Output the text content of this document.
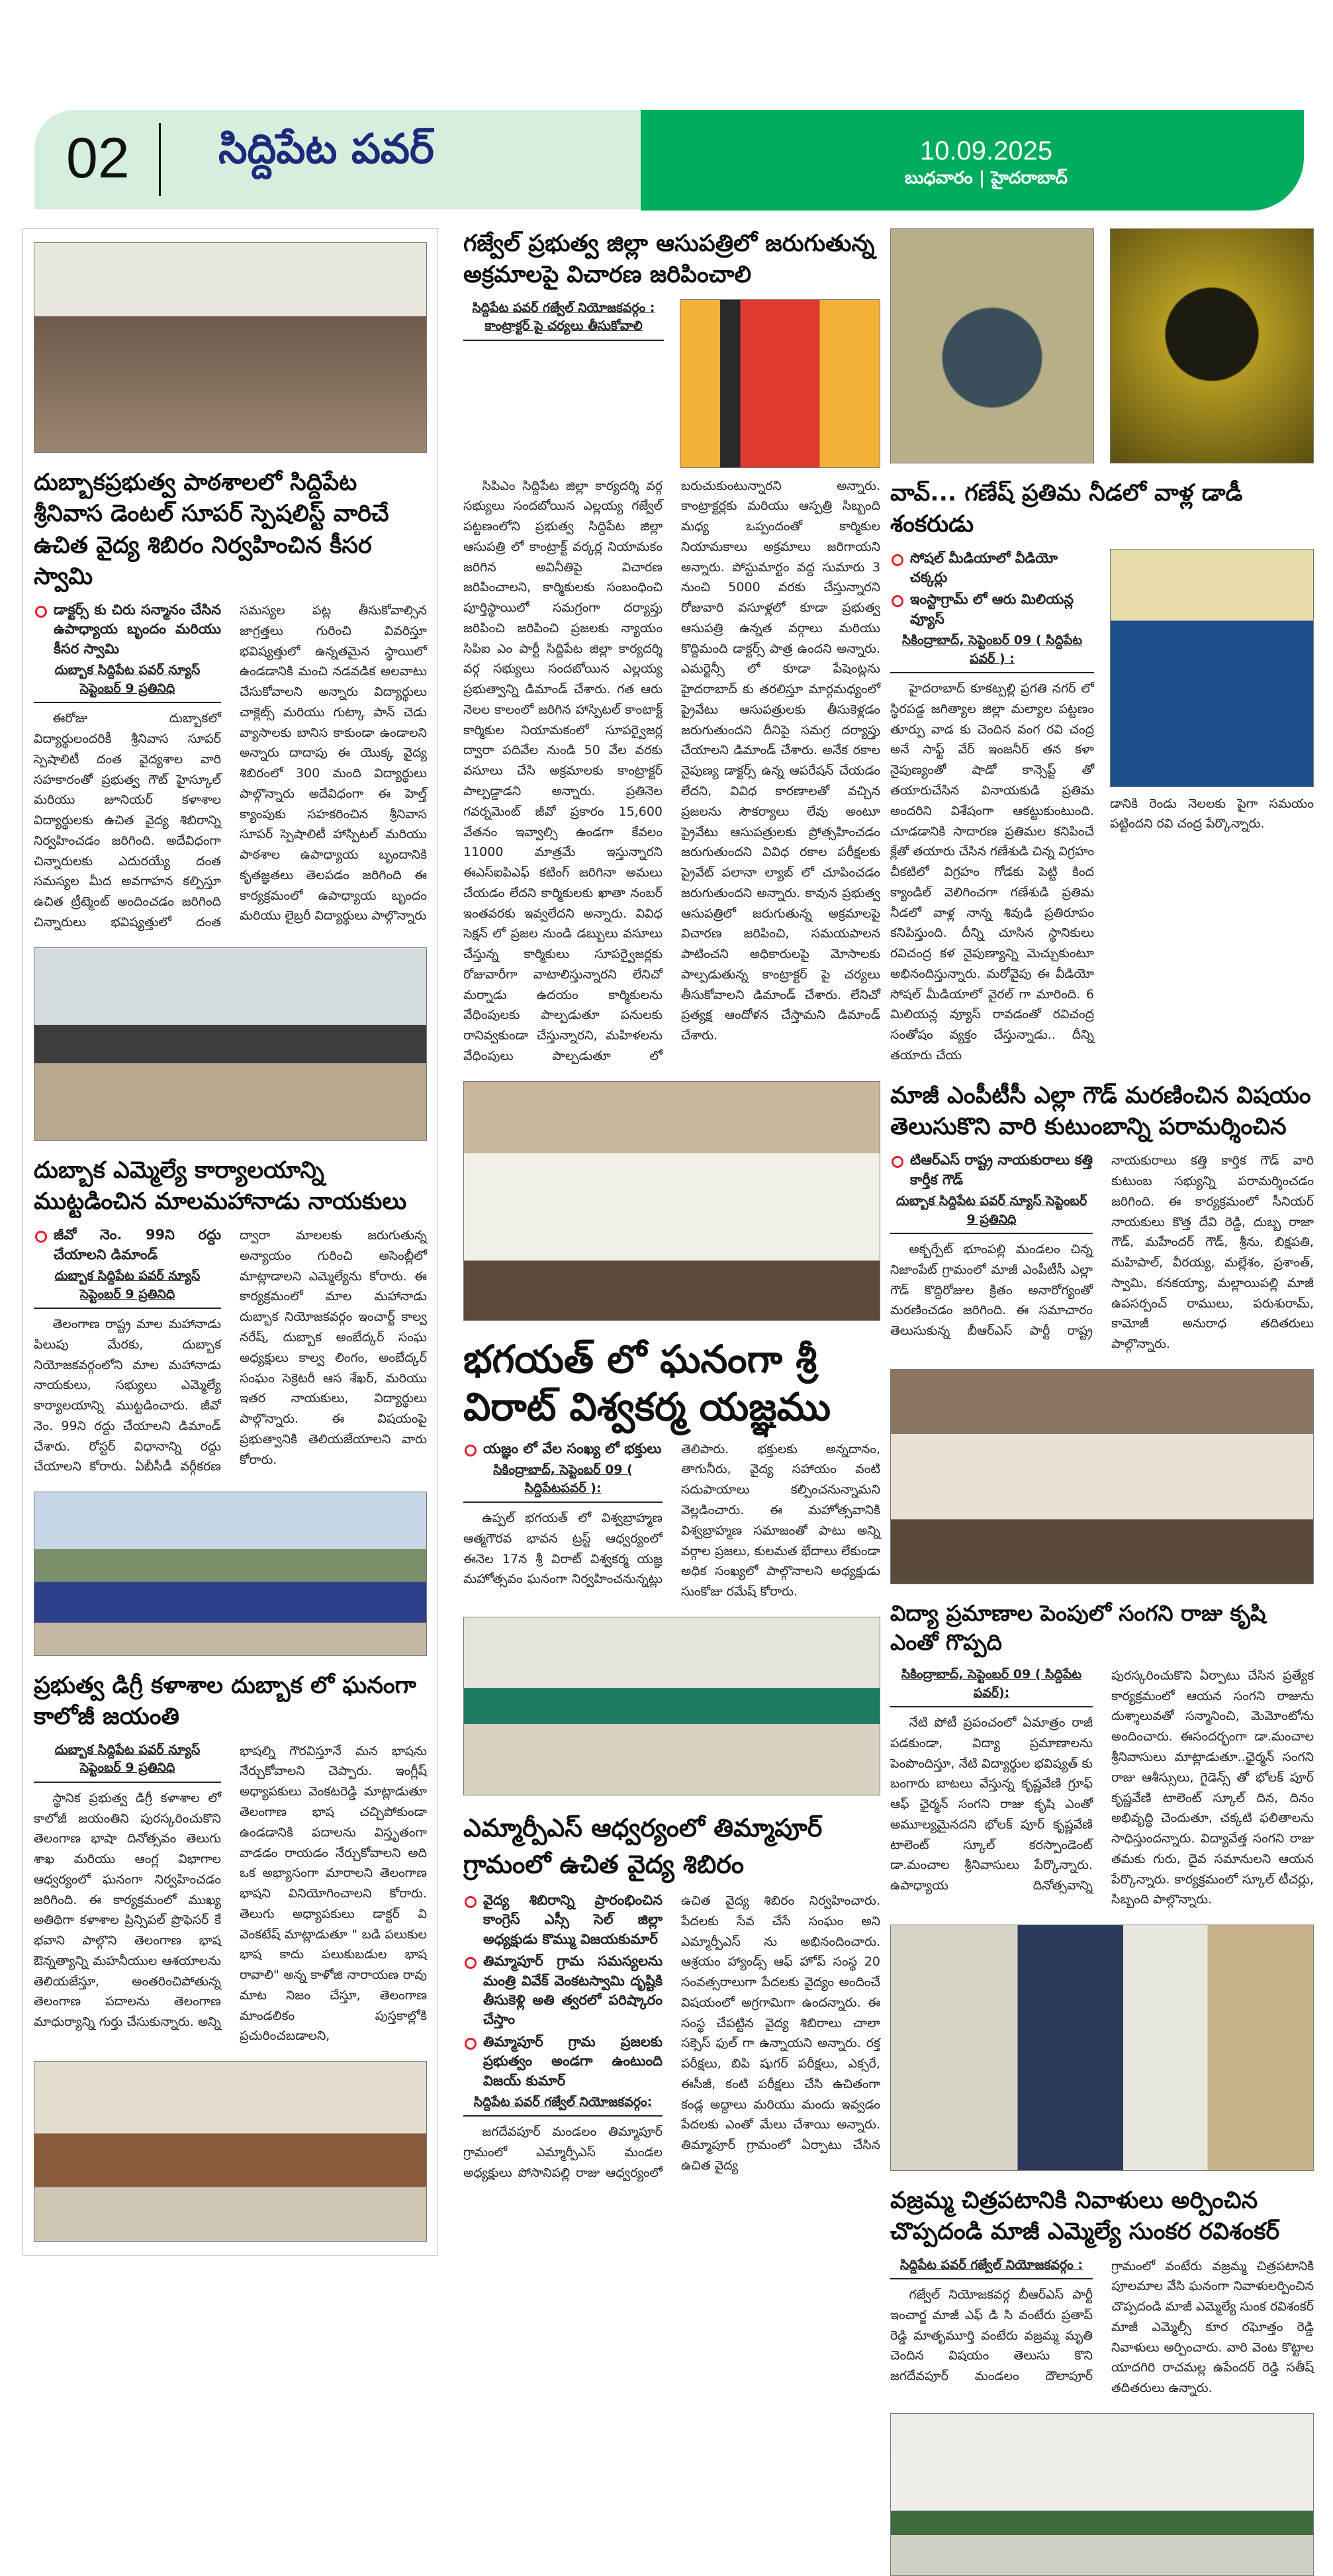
02 సిద్దిపేట పవర్	10.09.2025
బుధవారం | హైదరాబాద్
దుబ్బాకప్రభుత్వ పాఠశాలలో సిద్దిపేట శ్రీనివాస డెంటల్ సూపర్ స్పెషలిస్ట్ వారిచే ఉచిత వైద్య శిబిరం నిర్వహించిన కీసర స్వామి
డాక్టర్స్ కు చిరు సన్మానం చేసిన ఉపాధ్యాయ బృందం మరియు కీసర స్వామి
దుబ్బాక సిద్దిపేట పవర్ న్యూస్ సెప్టెంబర్ 9 ప్రతినిధి

ఈరోజు దుబ్బాకలో విద్యార్థులందరికీ శ్రీనివాస సూపర్ స్పెషాలిటీ దంత వైద్యశాల వారి సహకారంతో ప్రభుత్వ గౌట్ హైస్కూల్ మరియు జూనియర్ కళాశాల విద్యార్థులకు ఉచిత వైద్య శిబిరాన్ని నిర్వహించడం జరిగింది. అదేవిధంగా చిన్నారులకు ఎదురయ్యే దంత సమస్యల మీద అవగాహన కల్పిస్తూ ఉచిత ట్రీట్మెంట్ అందించడం జరిగింది చిన్నారులు భవిష్యత్తులో దంత సమస్యల పట్ల తీసుకోవాల్సిన జాగ్రత్తలు గురించి వివరిస్తూ భవిష్యత్తులో ఉన్నతమైన స్థాయిలో ఉండడానికి మంచి నడవడిక అలవాటు చేసుకోవాలని అన్నారు విద్యార్థులు చాక్లెట్స్ మరియు గుట్కా పాన్ చెడు వ్యాసాలకు బానిస కాకుండా ఉండాలని అన్నారు దాదాపు ఈ యొక్క వైద్య శిబిరంలో 300 మంది విద్యార్థులు పాల్గొన్నారు అదేవిధంగా ఈ హెల్త్ క్యాంపుకు సహకరించిన శ్రీనివాస సూపర్ స్పెషాలిటీ హాస్పిటల్ మరియు పాఠశాల ఉపాధ్యాయ బృందానికి కృతజ్ఞతలు తెలపడం జరిగింది ఈ కార్యక్రమంలో ఉపాధ్యాయ బృందం మరియు లైబ్రరీ విద్యార్థులు పాల్గొన్నారు

దుబ్బాక ఎమ్మెల్యే కార్యాలయాన్ని ముట్టడించిన మాలమహానాడు నాయకులు
జీవో నెం. 99ని రద్దు చేయాలని డిమాండ్
దుబ్బాక సిద్దిపేట పవర్ న్యూస్ సెప్టెంబర్ 9 ప్రతినిధి

తెలంగాణ రాష్ట్ర మాల మహానాడు పిలుపు మేరకు, దుబ్బాక నియోజకవర్గంలోని మాల మహానాడు నాయకులు, సభ్యులు ఎమ్మెల్యే కార్యాలయాన్ని ముట్టడించారు. జీవో నెం. 99ని రద్దు చేయాలని డిమాండ్ చేశారు. రోస్టర్ విధానాన్ని రద్దు చేయాలని కోరారు. ఏబీసీడీ వర్గీకరణ ద్వారా మాలలకు జరుగుతున్న అన్యాయం గురించి అసెంబ్లీలో మాట్లాడాలని ఎమ్మెల్యేను కోరారు. ఈ కార్యక్రమంలో మాల మహానాడు దుబ్బాక నియోజకవర్గం ఇంచార్జ్ కాల్వ నరేష్, దుబ్బాక అంబేద్కర్ సంఘ అధ్యక్షులు కాల్వ లింగం, అంబేద్కర్ సంఘం సెక్రెటరీ ఆస శేఖర్, మరియు ఇతర నాయకులు, విద్యార్థులు పాల్గొన్నారు. ఈ విషయంపై ప్రభుత్వానికి తెలియజేయాలని వారు కోరారు.

ప్రభుత్వ డిగ్రీ కళాశాల దుబ్బాక లో ఘనంగా కాలోజీ జయంతి
దుబ్బాక సిద్దిపేట పవర్ న్యూస్ సెప్టెంబర్ 9 ప్రతినిధి

స్థానిక ప్రభుత్వ డిగ్రీ కళాశాల లో కాలోజీ జయంతిని పురస్కరించుకొని తెలంగాణ భాషా దినోత్సవం తెలుగు శాఖ మరియు ఆంగ్ల విభాగాల ఆధ్వర్యంలో ఘనంగా నిర్వహించడం జరిగింది. ఈ కార్యక్రమంలో ముఖ్య అతిథిగా కళాశాల ప్రిన్సిపల్ ప్రొఫెసర్ కే భవాని పాల్గొని తెలంగాణ భాష ఔన్నత్యాన్ని మహనీయుల ఆశయాలను తెలియజేస్తూ, అంతరించిపోతున్న తెలంగాణ పదాలను తెలంగాణ మాధుర్యాన్ని గుర్తు చేసుకున్నారు. అన్ని భాషల్ని గౌరవిస్తూనే మన భాషను నేర్చుకోవాలని చెప్పారు. ఇంగ్లీష్ అధ్యాపకులు వెంకటరెడ్డి మాట్లాడుతూ తెలంగాణ భాష చచ్చిపోకుండా ఉండడానికి పదాలను విస్తృతంగా వాడడం రాయడం నేర్చుకోవాలని అది ఒక అభ్యాసంగా మారాలని తెలంగాణ భాషని వినియోగించాలని కోరారు. తెలుగు అధ్యాపకులు డాక్టర్ వి వెంకటేష్ మాట్లాడుతూ " బడి పలుకుల భాష కాదు పలుకుబడుల భాష రావాలి" అన్న కాళోజి నారాయణ రావు మాట నిజం చేస్తూ, తెలంగాణ మాండలికం పుస్తకాల్లోకి ప్రచురించబడాలని,

గజ్వేల్ ప్రభుత్వ జిల్లా ఆసుపత్రిలో జరుగుతున్న అక్రమాలపై విచారణ జరిపించాలి
సిద్దిపేట పవర్ గజ్వేల్ నియోజకవర్గం : కాంట్రాక్టర్ పై చర్యలు తీసుకోవాలి

సిపిఎం సిద్దిపేట జిల్లా కార్యదర్శి వర్గ సభ్యులు సందబోయిన ఎల్లయ్య గజ్వేల్ పట్టణంలోని ప్రభుత్వ సిద్దిపేట జిల్లా ఆసుపత్రి లో కాంట్రాక్ట్ వర్కర్ల నియామకం జరిగిన అవినీతిపై విచారణ జరిపించాలని, కార్మికులకు సంబంధించి పూర్తిస్థాయిలో సమగ్రంగా దర్యాప్తు జరిపించి జరిపించి ప్రజలకు న్యాయం సిపిఐ ఎం పార్టీ సిద్దిపేట జిల్లా కార్యదర్శి వర్గ సభ్యులు సందబోయిన ఎల్లయ్య ప్రభుత్వాన్ని డిమాండ్ చేశారు. గత ఆరు నెలల కాలంలో జరిగిన హాస్పిటల్ కాంటాక్ట్ కార్మికుల నియామకంలో సూపర్వైజర్ల ద్వారా పదివేల నుండి 50 వేల వరకు వసూలు చేసి అక్రమాలకు కాంట్రాక్టర్ పాల్పడ్డాడని అన్నారు. ప్రతినెల గవర్నమెంట్ జీవో ప్రకారం 15,600 వేతనం ఇవ్వాల్సి ఉండగా కేవలం 11000 మాత్రమే ఇస్తున్నారని ఈఎస్ఐపిఎఫ్ కటింగ్ జరిగినా అమలు చేయడం లేదని కార్మికులకు ఖాతా నంబర్ ఇంతవరకు ఇవ్వలేదని అన్నారు. వివిధ సెక్షన్ లో ప్రజల నుండి డబ్బులు వసూలు చేస్తున్న కార్మికులు సూపర్వైజర్లకు రోజువారీగా వాటాలిస్తున్నారని లేనిచో మర్నాడు ఉదయం కార్మికులను వేధింపులకు పాల్పడుతూ పనులకు రానివ్వకుండా చేస్తున్నారని, మహిళలను వేధింపులు పాల్పడుతూ లో బరుచుకుంటున్నారని అన్నారు. కాంట్రాక్టర్లకు మరియు ఆస్పత్రి సిబ్బంది మధ్య ఒప్పందంతో కార్మికుల నియామకాలు అక్రమాలు జరిగాయని అన్నారు. పోస్టుమార్టం వద్ద సుమారు 3 నుంచి 5000 వరకు చేస్తున్నారని రోజువారి వసూళ్లలో కూడా ప్రభుత్వ ఆసుపత్రి ఉన్నత వర్గాలు మరియు కొద్దిమంది డాక్టర్స్ పాత్ర ఉందని అన్నారు. ఎమర్జెన్సీ లో కూడా పేషెంట్లను హైదరాబాద్ కు తరలిస్తూ మార్గమధ్యంలో ప్రైవేటు ఆసుపత్రులకు తీసుకెళ్లడం జరుగుతుందని దీనిపై సమగ్ర దర్యాప్తు చేయాలని డిమాండ్ చేశారు. అనేక రకాల నైపుణ్య డాక్టర్స్ ఉన్న ఆపరేషన్ చేయడం లేదని, వివిధ కారణాలతో వచ్చిన ప్రజలను సౌకర్యాలు లేవు అంటూ ప్రైవేటు ఆసుపత్రులకు ప్రోత్సహించడం జరుగుతుందని వివిధ రకాల పరీక్షలకు ప్రైవేట్ పలానా ల్యాబ్ లో చూపించడం జరుగుతుందని అన్నారు. కావున ప్రభుత్వ ఆసుపత్రిలో జరుగుతున్న అక్రమాలపై విచారణ జరిపించి, సమయపాలన పాటించని అధికారులపై మోసాలకు పాల్పడుతున్న కాంట్రాక్టర్ పై చర్యలు తీసుకోవాలని డిమాండ్ చేశారు. లేనిచో ప్రత్యక్ష ఆందోళన చేస్తామని డిమాండ్ చేశారు.

భగయత్ లో ఘనంగా శ్రీ విరాట్ విశ్వకర్మ యజ్ఞము
యజ్ఞం లో వేల సంఖ్య లో భక్తులు
సికింద్రాబాద్, సెప్టెంబర్ 09 ( సిద్దిపేటపవర్ ):

ఉప్పల్ భగయత్ లో విశ్వబ్రాహ్మణ ఆత్మగౌరవ భావన ట్రస్ట్ ఆధ్వర్యంలో ఈనెల 17న శ్రీ విరాట్ విశ్వకర్మ యజ్ఞ మహోత్సవం ఘనంగా నిర్వహించనున్నట్లు తెలిపారు. భక్తులకు అన్నదానం, తాగునీరు, వైద్య సహాయం వంటి సదుపాయాలు కల్పించనున్నామని వెల్లడించారు. ఈ మహోత్సవానికి విశ్వబ్రాహ్మణ సమాజంతో పాటు అన్ని వర్గాల ప్రజలు, కులమత భేదాలు లేకుండా అధిక సంఖ్యలో పాల్గొనాలని అధ్యక్షుడు సుంకోజు రమేష్ కోరారు.

ఎమ్మార్పీఎస్ ఆధ్వర్యంలో తిమ్మాపూర్ గ్రామంలో ఉచిత వైద్య శిబిరం
వైద్య శిబిరాన్ని ప్రారంభించిన కాంగ్రెస్ ఎస్సీ సెల్ జిల్లా అధ్యక్షుడు కొమ్ము విజయకుమార్
తిమ్మాపూర్ గ్రామ సమస్యలను మంత్రి వివేక్ వెంకటస్వామి దృష్టికి తీసుకెళ్లి అతి త్వరలో పరిష్కారం చేస్తాం
తిమ్మాపూర్ గ్రామ ప్రజలకు ప్రభుత్వం అండగా ఉంటుంది విజయ్ కుమార్
సిద్దిపేట పవర్ గజ్వేల్ నియోజకవర్గం:

జగదేవపూర్ మండలం తిమ్మాపూర్ గ్రామంలో ఎమ్మార్పీఎస్ మండల అధ్యక్షులు పోసానిపల్లి రాజు ఆధ్వర్యంలో ఉచిత వైద్య శిబిరం నిర్వహించారు. పేదలకు సేవ చేసే సంఘం అని ఎమ్మార్పీఎస్ ను అభినందించారు. ఆశ్రయం హ్యాండ్స్ ఆఫ్ హోప్ సంస్థ 20 సంవత్సరాలుగా పేదలకు వైద్యం అందించే విషయంలో అగ్రగామిగా ఉందన్నారు. ఈ సంస్థ చేపట్టిన వైద్య శిబిరాలు చాలా సక్సెస్ ఫుల్ గా ఉన్నాయని అన్నారు. రక్త పరీక్షలు, బిపి షుగర్ పరీక్షలు, ఎక్సరే, ఈసీజీ, కంటి పరీక్షలు చేసి ఉచితంగా కండ్ల అద్దాలు మరియు మందు ఇవ్వడం పేదలకు ఎంతో మేలు చేశాయి అన్నారు. తిమ్మాపూర్ గ్రామంలో ఏర్పాటు చేసిన ఉచిత వైద్య

వావ్... గణేష్ ప్రతిమ నీడలో వాళ్ల డాడీ శంకరుడు
సోషల్ మీడియాలో వీడియో చక్కర్లు
ఇంస్టాగ్రామ్ లో ఆరు మిలియన్ల వ్యూస్
సికింద్రాబాద్, సెప్టెంబర్ 09 ( సిద్దిపేట పవర్ ) :

హైదరాబాద్ కూకట్పల్లి ప్రగతి నగర్ లో స్థిరపడ్డ జగిత్యాల జిల్లా మల్యాల పట్టణం తూర్పు వాడ కు చెందిన వంగ రవి చంద్ర అనే సాఫ్ట్ వేర్ ఇంజనీర్ తన కళా నైపుణ్యంతో షాడో కాన్సెప్ట్ తో తయారుచేసిన వినాయకుడి ప్రతిమ అందరిని విశేషంగా ఆకట్టుకుంటుంది. చూడడానికి సాదారణ ప్రతిమల కనిపించే క్లేతో తయారు చేసిన గణేశుడి చిన్న విగ్రహం చీకటిలో విగ్రహం గోడకు పెట్టి కింద క్యాండిల్ వెలిగించగా గణేశుడి ప్రతిమ నీడలో వాళ్ల నాన్న శివుడి ప్రతిరూపం కనిపిస్తుంది. దీన్ని చూసిన స్థానికులు రవిచంద్ర కళ నైపుణ్యాన్ని మెచ్చుకుంటూ అభినందిస్తున్నారు. మరోవైపు ఈ వీడియో సోషల్ మీడియాలో వైరల్ గా మారింది. 6 మిలియన్ల వ్యూస్ రావడంతో రవిచంద్ర సంతోషం వ్యక్తం చేస్తున్నాడు.. దీన్ని తయారు చేయ

డానికి రెండు నెలలకు పైగా సమయం పట్టిందని రవి చంద్ర పేర్కొన్నారు.

మాజీ ఎంపీటీసీ ఎల్లా గౌడ్ మరణించిన విషయం తెలుసుకొని వారి కుటుంబాన్ని పరామర్శించిన
టిఆర్ఎస్ రాష్ట్ర నాయకురాలు కత్తి కార్తీక గౌడ్
దుబ్బాక సిద్దిపేట పవర్ న్యూస్ సెప్టెంబర్ 9 ప్రతినిధి

అక్బర్పేట్ భూంపల్లి మండలం చిన్న నిజాంపేట్ గ్రామంలో మాజీ ఎంపీటీసీ ఎల్లా గౌడ్ కొద్దిరోజుల క్రితం అనారోగ్యంతో మరణించడం జరిగింది. ఈ సమాచారం తెలుసుకున్న బీఆర్ఎస్ పార్టీ రాష్ట్ర నాయకురాలు కత్తి కార్తిక గౌడ్ వారి కుటుంబ సభ్యున్ని పరామర్శించడం జరిగింది. ఈ కార్యక్రమంలో సీనియర్ నాయకులు కొత్త దేవి రెడ్డి, దుబ్బ రాజా గౌడ్, మహేందర్ గౌడ్, శ్రీను, బిక్షపతి, మహిపాల్, వీరయ్య, మల్లేశం, ప్రశాంత్, స్వామి, కనకయ్యా, మల్లాయిపల్లి మాజీ ఉపసర్పంచ్ రాములు, పరుశురామ్, కామోజీ అనురాధ తదితరులు పాల్గొన్నారు.

విద్యా ప్రమాణాల పెంపులో సంగని రాజు కృషి ఎంతో గొప్పది
సికింద్రాబాద్, సెప్టెంబర్ 09 ( సిద్దిపేట పవర్):

నేటి పోటీ ప్రపంచంలో ఏమాత్రం రాజీ పడకుండా, విద్యా ప్రమాణాలను పెంపొందిస్తూ, నేటి విద్యార్థుల భవిష్యత్ కు బంగారు బాటలు వేస్తున్న కృష్ణవేణి గ్రూఫ్ ఆఫ్ ఛైర్మన్ సంగని రాజు కృషి ఎంతో అమూల్యమైనదని భోలక్ పూర్ కృష్ణవేణి టాలెంట్ స్కూల్ కరస్పాండెంట్ డా.మంచాల శ్రీనివాసులు పేర్కొన్నారు. ఉపాధ్యాయ దినోత్సవాన్ని పురస్కరించుకొని ఏర్పాటు చేసిన ప్రత్యేక కార్యక్రమంలో ఆయన సంగని రాజును దుశ్శాలువతో సన్మానించి, మెమోంటోను అందించారు. ఈసందర్భంగా డా.మంచాల శ్రీనివాసులు మాట్లాడుతూ..ఛైర్మన్ సంగని రాజు ఆశీస్సులు, గైడెన్స్ తో భోలక్ పూర్ కృష్ణవేణి టాలెంట్ స్కూల్ దిన, దినం అభివృద్ధి చెందుతూ, చక్కటి ఫలితాలను సాధిస్తుందన్నారు. విద్యావేత్త సంగని రాజు తమకు గురు, దైవ సమానులని ఆయన పేర్కొన్నారు. కార్యక్రమంలో స్కూల్ టీచర్లు, సిబ్బంది పాల్గొన్నారు.

వజ్రమ్మ చిత్రపటానికి నివాళులు అర్పించిన చొప్పదండి మాజీ ఎమ్మెల్యే సుంకర రవిశంకర్
సిద్దిపేట పవర్ గజ్వేల్ నియోజకవర్గం :

గజ్వేల్ నియోజకవర్గ బీఆర్ఎస్ పార్టీ ఇంచార్జ మాజీ ఎఫ్ డి సి వంటేరు ప్రతాప్ రెడ్డి మాతృమూర్తి వంటేరు వజ్రమ్మ మృతి చెందిన విషయం తెలుసు కొని జగదేవపూర్ మండలం దౌలాపూర్ గ్రామంలో వంటేరు వజ్రమ్మ చిత్రపటానికి పూలమాల వేసి ఘనంగా నివాళులర్పించిన చొప్పదండి మాజీ ఎమ్మెల్యే సుంక రవిశంకర్ మాజీ ఎమ్మెల్సీ కూర రఘోత్తం రెడ్డి నివాళులు అర్పించారు. వారి వెంట కొట్టాల యాదగిరి రాచమల్ల ఉపేందర్ రెడ్డి సతీష్ తదితరులు ఉన్నారు.
